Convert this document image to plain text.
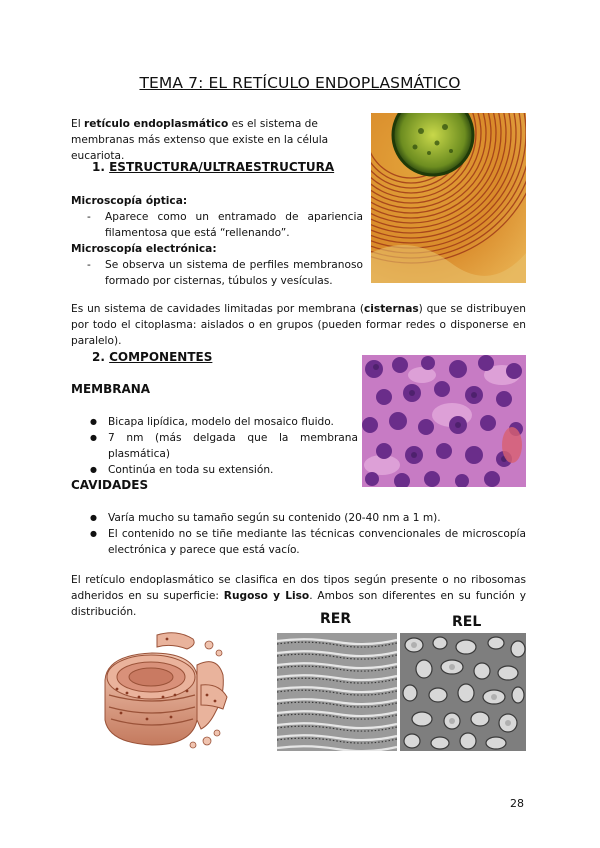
TEMA 7: EL RETÍCULO ENDOPLASMÁTICO

El retículo endoplasmático es el sistema de membranas más extenso que existe en la célula eucariota.

1. ESTRUCTURA/ULTRAESTRUCTURA
Microscopía óptica:
- Aparece como un entramado de apariencia filamentosa que está “rellenando”.
Microscopía electrónica:
- Se observa un sistema de perfiles membranoso formado por cisternas, túbulos y vesículas.

Es un sistema de cavidades limitadas por membrana (cisternas) que se distribuyen por todo el citoplasma: aislados o en grupos (pueden formar redes o disponerse en paralelo).

2. COMPONENTES
MEMBRANA
● Bicapa lipídica, modelo del mosaico fluido.
● 7 nm (más delgada que la membrana plasmática)
● Continúa en toda su extensión.
CAVIDADES
● Varía mucho su tamaño según su contenido (20-40 nm a 1 m).
● El contenido no se tiñe mediante las técnicas convencionales de microscopía electrónica y parece que está vacío.

El retículo endoplasmático se clasifica en dos tipos según presente o no ribosomas adheridos en su superficie: Rugoso y Liso. Ambos son diferentes en su función y distribución.	RER	REL
28
